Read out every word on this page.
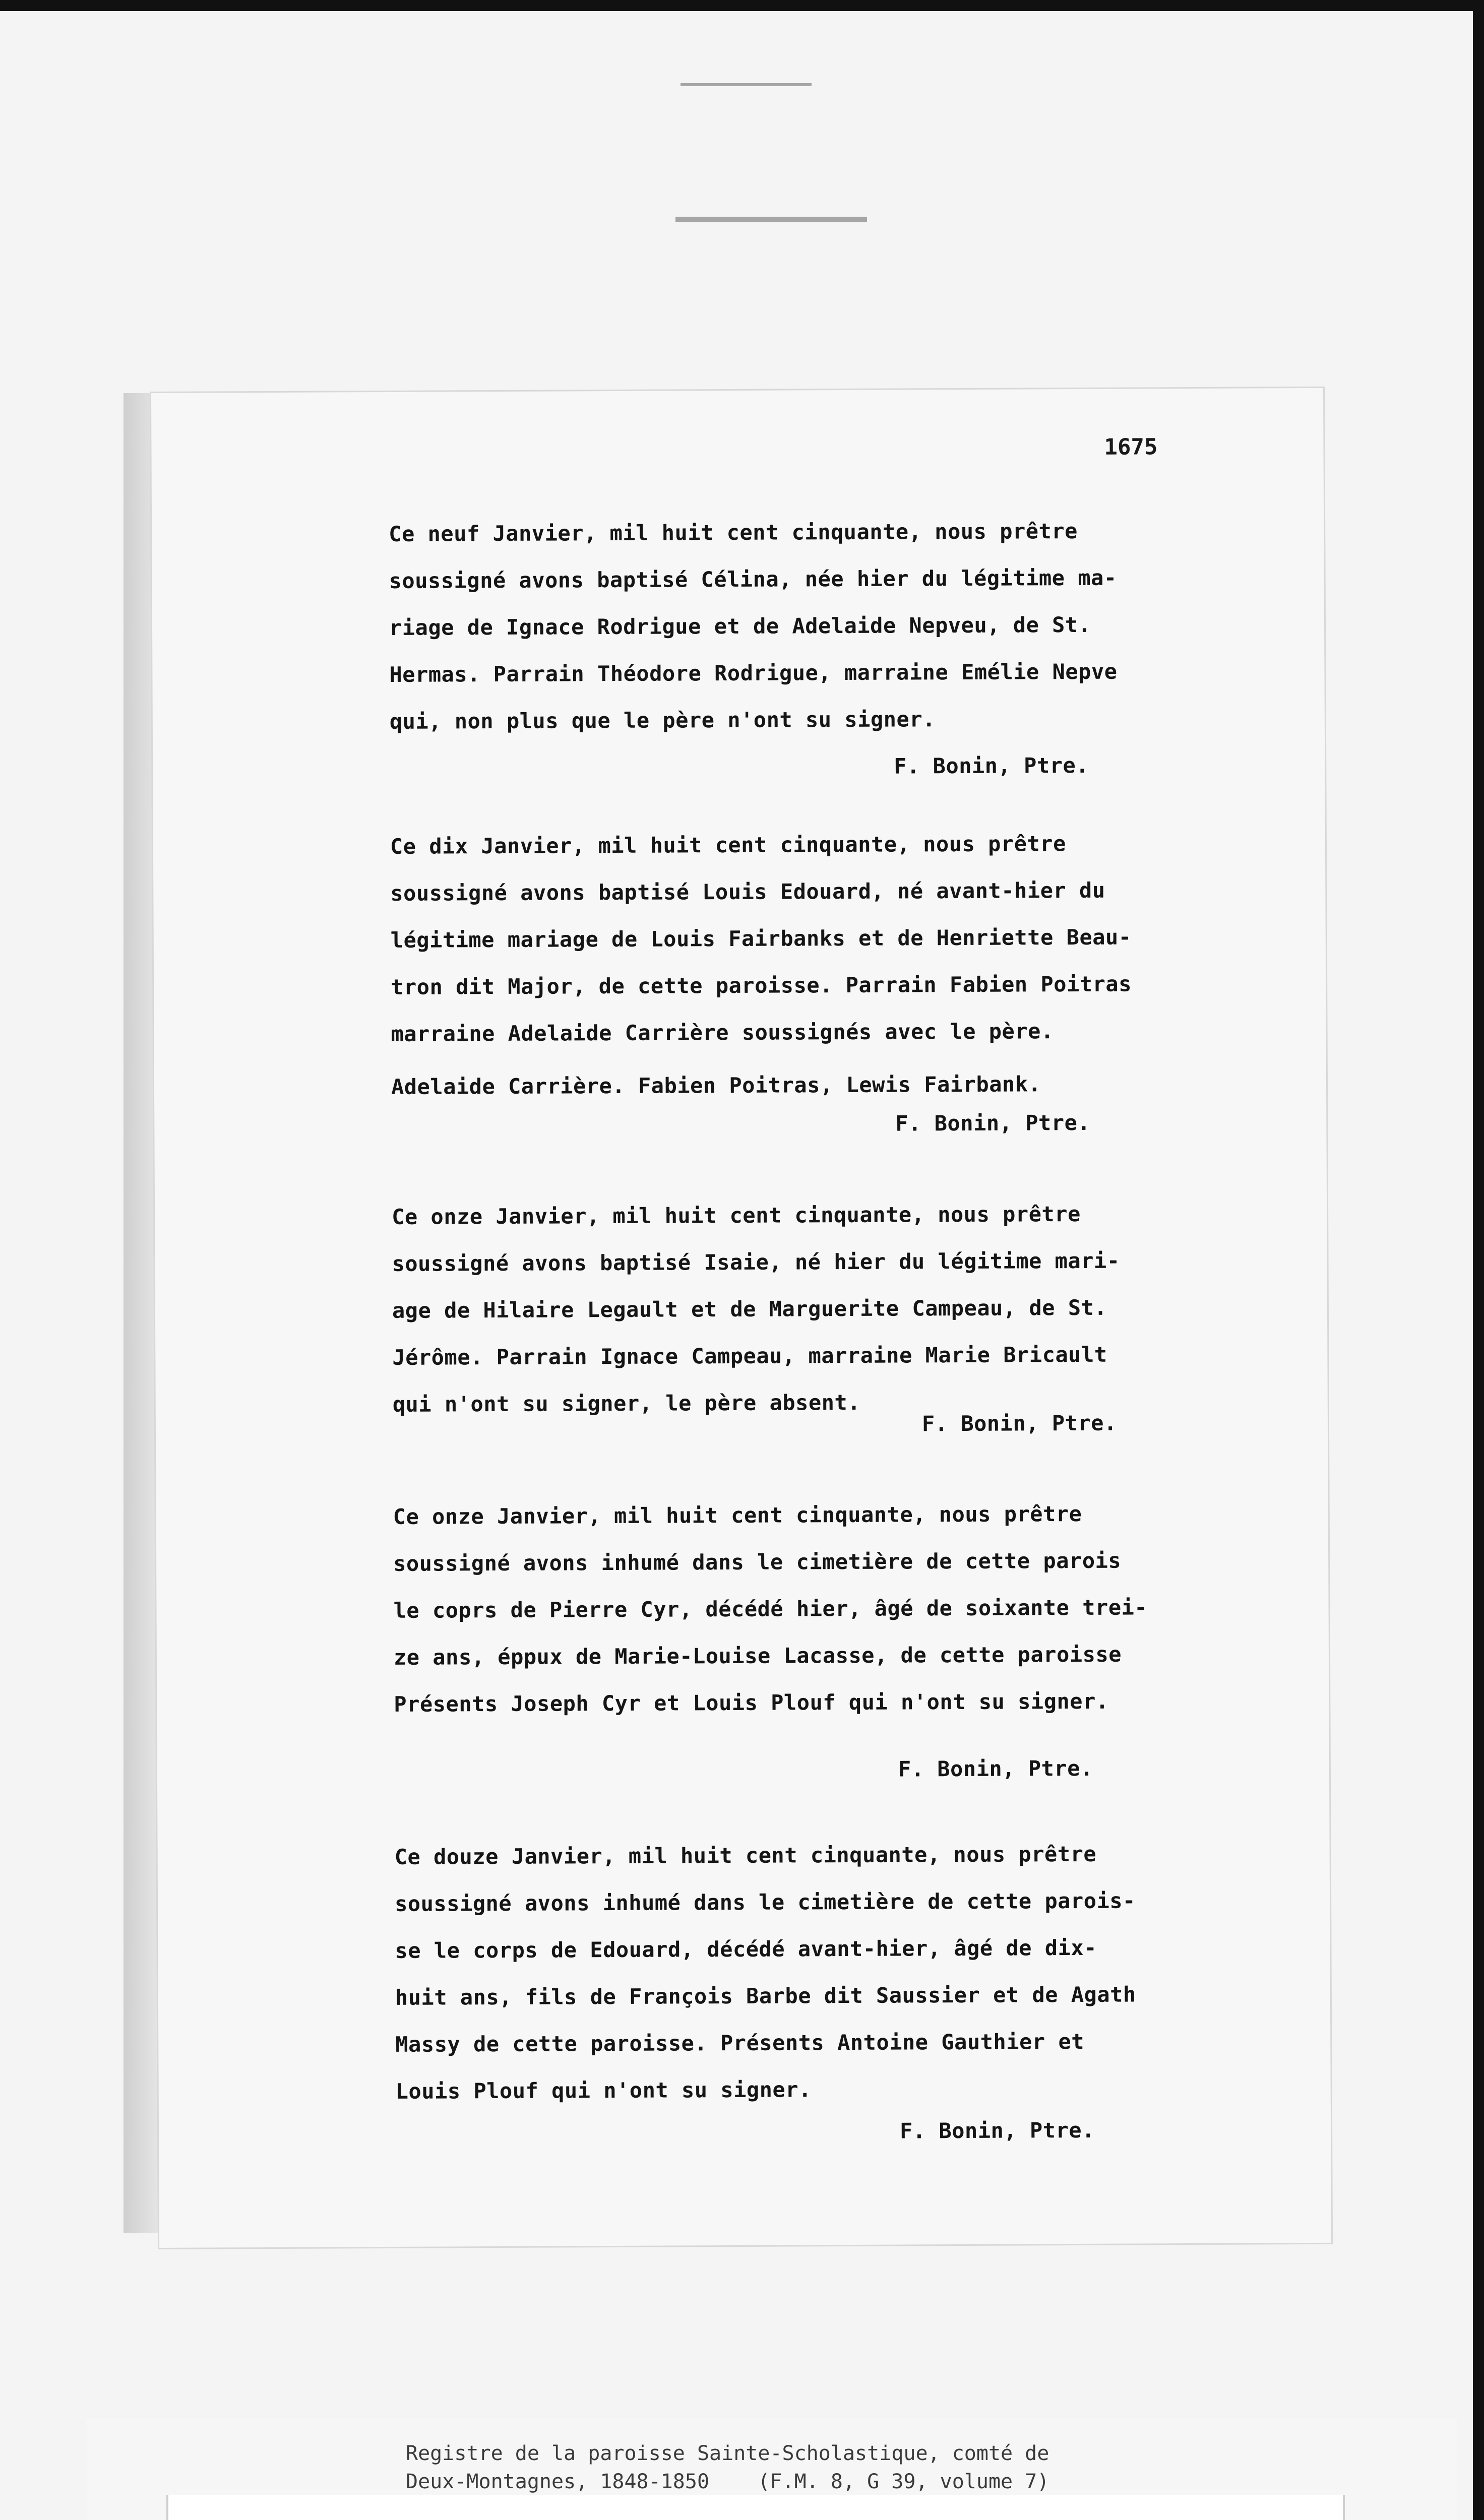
1675
Ce neuf Janvier, mil huit cent cinquante, nous prêtre
soussigné avons baptisé Célina, née hier du légitime ma-
riage de Ignace Rodrigue et de Adelaide Nepveu, de St.
Hermas. Parrain Théodore Rodrigue, marraine Emélie Nepve
qui, non plus que le père n'ont su signer.
F. Bonin, Ptre.
Ce dix Janvier, mil huit cent cinquante, nous prêtre
soussigné avons baptisé Louis Edouard, né avant-hier du
légitime mariage de Louis Fairbanks et de Henriette Beau-
tron dit Major, de cette paroisse. Parrain Fabien Poitras
marraine Adelaide Carrière soussignés avec le père.
Adelaide Carrière. Fabien Poitras, Lewis Fairbank.
F. Bonin, Ptre.
Ce onze Janvier, mil huit cent cinquante, nous prêtre
soussigné avons baptisé Isaie, né hier du légitime mari-
age de Hilaire Legault et de Marguerite Campeau, de St.
Jérôme. Parrain Ignace Campeau, marraine Marie Bricault
qui n'ont su signer, le père absent.
F. Bonin, Ptre.
Ce onze Janvier, mil huit cent cinquante, nous prêtre
soussigné avons inhumé dans le cimetière de cette parois
le coprs de Pierre Cyr, décédé hier, âgé de soixante trei-
ze ans, éppux de Marie-Louise Lacasse, de cette paroisse
Présents Joseph Cyr et Louis Plouf qui n'ont su signer.
F. Bonin, Ptre.
Ce douze Janvier, mil huit cent cinquante, nous prêtre
soussigné avons inhumé dans le cimetière de cette parois-
se le corps de Edouard, décédé avant-hier, âgé de dix-
huit ans, fils de François Barbe dit Saussier et de Agath
Massy de cette paroisse. Présents Antoine Gauthier et
Louis Plouf qui n'ont su signer.
F. Bonin, Ptre.
Registre de la paroisse Sainte-Scholastique, comté de
Deux-Montagnes, 1848-1850    (F.M. 8, G 39, volume 7)
